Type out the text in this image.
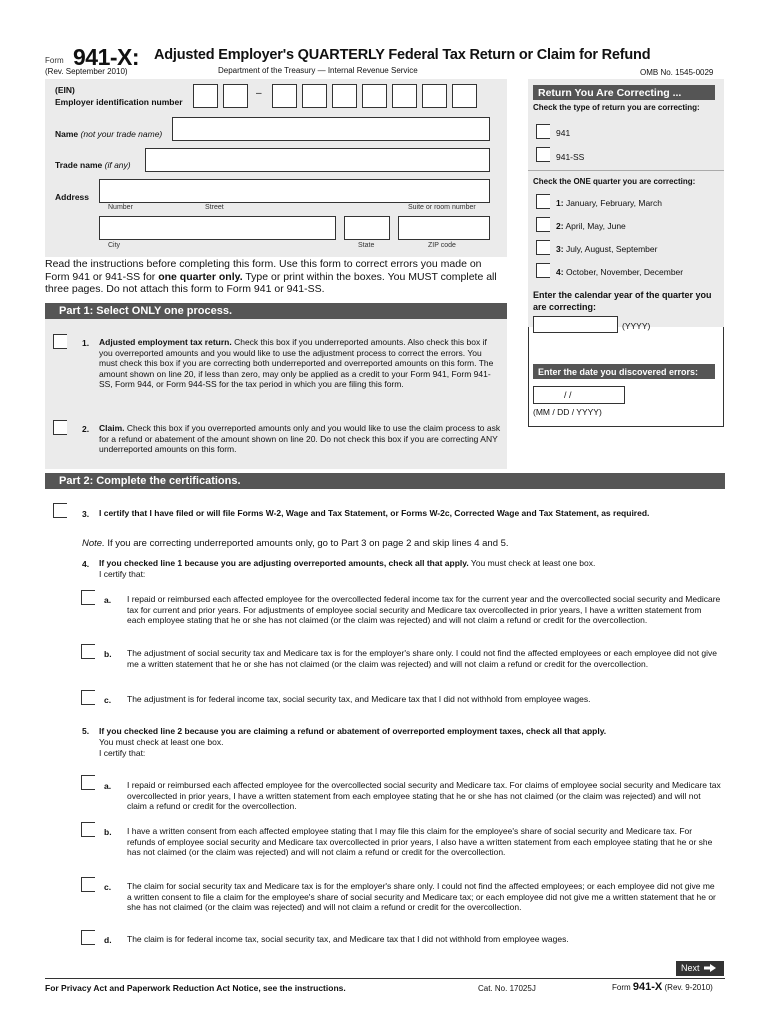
Form 941-X: Adjusted Employer's QUARTERLY Federal Tax Return or Claim for Refund
(Rev. September 2010)	Department of the Treasury — Internal Revenue Service	OMB No. 1545-0029
(EIN)
Employer identification number
–
Name (not your trade name)
Trade name (if any)
Address
Number	Street	Suite or room number
City	State	ZIP code
Read the instructions before completing this form. Use this form to correct errors you made on Form 941 or 941-SS for one quarter only. Type or print within the boxes. You MUST complete all three pages. Do not attach this form to Form 941 or 941-SS.
Return You Are Correcting ...
Check the type of return you are correcting:
941
941-SS
Check the ONE quarter you are correcting:
1: January, February, March
2: April, May, June
3: July, August, September
4: October, November, December
Enter the calendar year of the quarter you are correcting:
(YYYY)
Enter the date you discovered errors:
/ /
(MM / DD / YYYY)
Part 1: Select ONLY one process.
1. Adjusted employment tax return. Check this box if you underreported amounts. Also check this box if you overreported amounts and you would like to use the adjustment process to correct the errors. You must check this box if you are correcting both underreported and overreported amounts on this form. The amount shown on line 20, if less than zero, may only be applied as a credit to your Form 941, Form 941-SS, Form 944, or Form 944-SS for the tax period in which you are filing this form.
2. Claim. Check this box if you overreported amounts only and you would like to use the claim process to ask for a refund or abatement of the amount shown on line 20. Do not check this box if you are correcting ANY underreported amounts on this form.
Part 2: Complete the certifications.
3. I certify that I have filed or will file Forms W-2, Wage and Tax Statement, or Forms W-2c, Corrected Wage and Tax Statement, as required.
Note. If you are correcting underreported amounts only, go to Part 3 on page 2 and skip lines 4 and 5.
4. If you checked line 1 because you are adjusting overreported amounts, check all that apply. You must check at least one box.
I certify that:
a. I repaid or reimbursed each affected employee for the overcollected federal income tax for the current year and the overcollected social security and Medicare tax for current and prior years. For adjustments of employee social security and Medicare tax overcollected in prior years, I have a written statement from each employee stating that he or she has not claimed (or the claim was rejected) and will not claim a refund or credit for the overcollection.
b. The adjustment of social security tax and Medicare tax is for the employer's share only. I could not find the affected employees or each employee did not give me a written statement that he or she has not claimed (or the claim was rejected) and will not claim a refund or credit for the overcollection.
c. The adjustment is for federal income tax, social security tax, and Medicare tax that I did not withhold from employee wages.
5. If you checked line 2 because you are claiming a refund or abatement of overreported employment taxes, check all that apply.
You must check at least one box.
I certify that:
a. I repaid or reimbursed each affected employee for the overcollected social security and Medicare tax. For claims of employee social security and Medicare tax overcollected in prior years, I have a written statement from each employee stating that he or she has not claimed (or the claim was rejected) and will not claim a refund or credit for the overcollection.
b. I have a written consent from each affected employee stating that I may file this claim for the employee's share of social security and Medicare tax. For refunds of employee social security and Medicare tax overcollected in prior years, I also have a written statement from each employee stating that he or she has not claimed (or the claim was rejected) and will not claim a refund or credit for the overcollection.
c. The claim for social security tax and Medicare tax is for the employer's share only. I could not find the affected employees; or each employee did not give me a written consent to file a claim for the employee's share of social security and Medicare tax; or each employee did not give me a written statement that he or she has not claimed (or the claim was rejected) and will not claim a refund or credit for the overcollection.
d. The claim is for federal income tax, social security tax, and Medicare tax that I did not withhold from employee wages.
Next
For Privacy Act and Paperwork Reduction Act Notice, see the instructions.	Cat. No. 17025J	Form 941-X (Rev. 9-2010)
